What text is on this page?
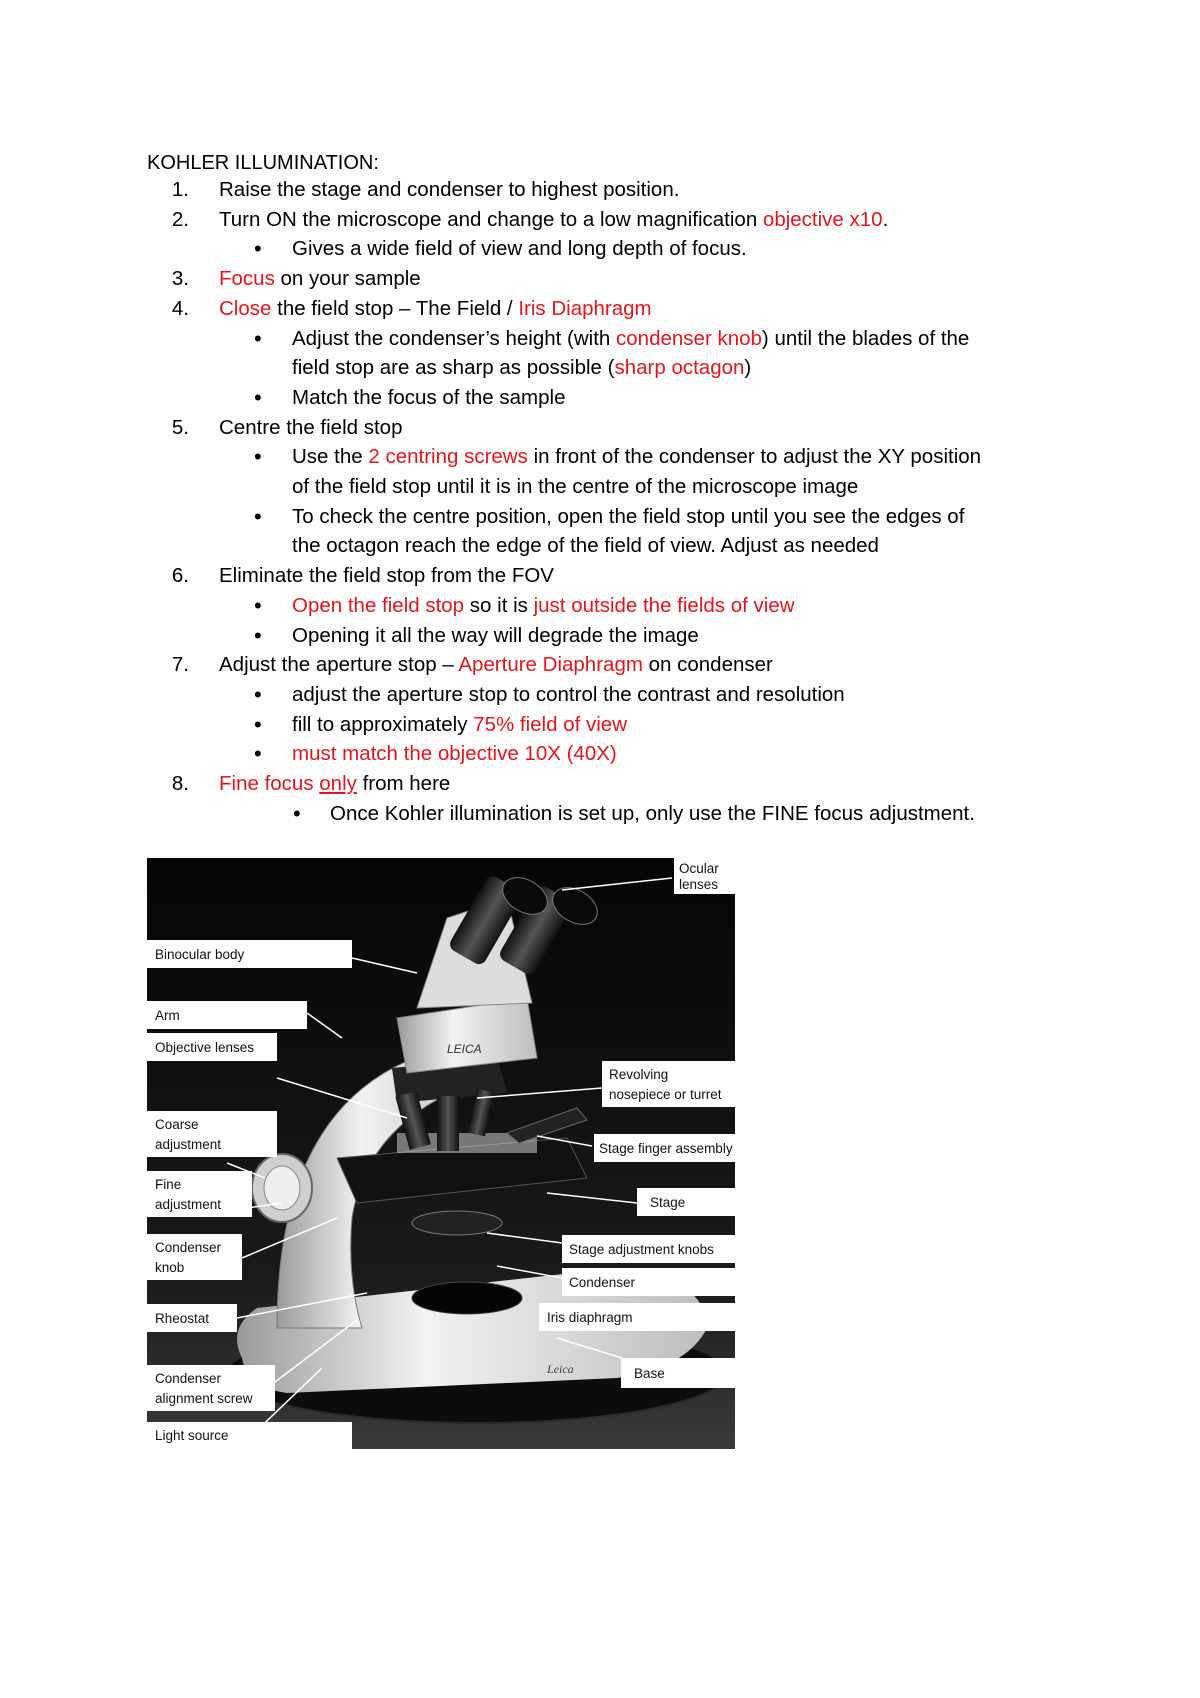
KOHLER ILLUMINATION:
1. Raise the stage and condenser to highest position.
2. Turn ON the microscope and change to a low magnification objective x10.
• Gives a wide field of view and long depth of focus.
3. Focus on your sample
4. Close the field stop – The Field / Iris Diaphragm
• Adjust the condenser’s height (with condenser knob) until the blades of the
field stop are as sharp as possible (sharp octagon)
• Match the focus of the sample
5. Centre the field stop
• Use the 2 centring screws in front of the condenser to adjust the XY position
of the field stop until it is in the centre of the microscope image
• To check the centre position, open the field stop until you see the edges of
the octagon reach the edge of the field of view. Adjust as needed
6. Eliminate the field stop from the FOV
• Open the field stop so it is just outside the fields of view
• Opening it all the way will degrade the image
7. Adjust the aperture stop – Aperture Diaphragm on condenser
• adjust the aperture stop to control the contrast and resolution
• fill to approximately 75% field of view
• must match the objective 10X (40X)
8. Fine focus only from here
• Once Kohler illumination is set up, only use the FINE focus adjustment.
LEICA
Leica
Ocular
lenses
Binocular body
Arm
Objective lenses
Revolving
nosepiece or turret
Coarse
adjustment	Stage finger assembly
Fine
adjustment	Stage
Stage adjustment knobs
Condenser
knob
Condenser
Rheostat	Iris diaphragm
Base
Condenser
alignment screw
Light source
